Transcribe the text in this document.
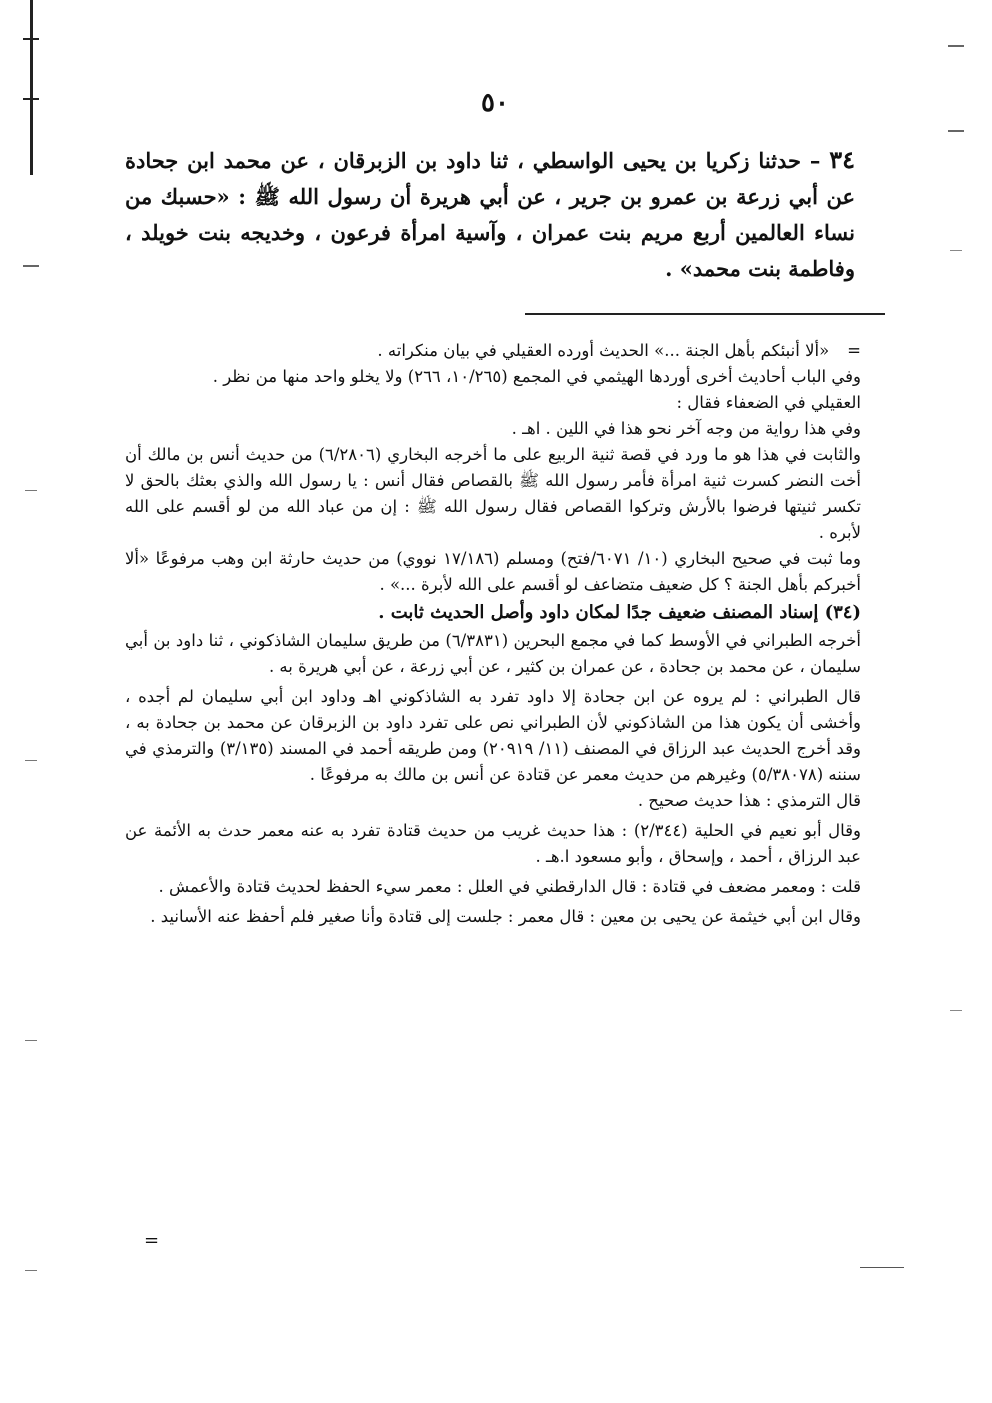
٥٠
٣٤ – حدثنا زكريا بن يحيى الواسطي ، ثنا داود بن الزبرقان ، عن محمد ابن جحادة عن أبي زرعة بن عمرو بن جرير ، عن أبي هريرة أن رسول الله ﷺ : «حسبك من نساء العالمين أربع مريم بنت عمران ، وآسية امرأة فرعون ، وخديجه بنت خويلد ، وفاطمة بنت محمد» .

=«ألا أنبئكم بأهل الجنة ...» الحديث أورده العقيلي في بيان منكراته .

وفي الباب أحاديث أخرى أوردها الهيثمي في المجمع (١٠/٢٦٥، ٢٦٦) ولا يخلو واحد منها من نظر .

العقيلي في الضعفاء فقال :

وفي هذا رواية من وجه آخر نحو هذا في اللين . اهـ .

والثابت في هذا هو ما ورد في قصة ثنية الربيع على ما أخرجه البخاري (٦/٢٨٠٦) من حديث أنس بن مالك أن أخت النضر كسرت ثنية امرأة فأمر رسول الله ﷺ بالقصاص فقال أنس : يا رسول الله والذي بعثك بالحق لا تكسر ثنيتها فرضوا بالأرش وتركوا القصاص فقال رسول الله ﷺ : إن من عباد الله من لو أقسم على الله لأبره .

وما ثبت في صحيح البخاري (١٠/ ٦٠٧١/فتح) ومسلم (١٧/١٨٦ نووي) من حديث حارثة ابن وهب مرفوعًا «ألا أخبركم بأهل الجنة ؟ كل ضعيف متضاعف لو أقسم على الله لأبرة ...» .

(٣٤) إسناد المصنف ضعيف جدًا لمكان داود وأصل الحديث ثابت .

أخرجه الطبراني في الأوسط كما في مجمع البحرين (٦/٣٨٣١) من طريق سليمان الشاذكوني ، ثنا داود بن أبي سليمان ، عن محمد بن جحادة ، عن عمران بن كثير ، عن أبي زرعة ، عن أبي هريرة به .

قال الطبراني : لم يروه عن ابن جحادة إلا داود تفرد به الشاذكوني اهـ وداود ابن أبي سليمان لم أجده ، وأخشى أن يكون هذا من الشاذكوني لأن الطبراني نص على تفرد داود بن الزبرقان عن محمد بن جحادة به ، وقد أخرج الحديث عبد الرزاق في المصنف (١١/ ٢٠٩١٩) ومن طريقه أحمد في المسند (٣/١٣٥) والترمذي في سننه (٥/٣٨٠٧٨) وغيرهم من حديث معمر عن قتادة عن أنس بن مالك به مرفوعًا .

قال الترمذي : هذا حديث صحيح .

وقال أبو نعيم في الحلية (٢/٣٤٤) : هذا حديث غريب من حديث قتادة تفرد به عنه معمر حدث به الأئمة عن عبد الرزاق ، أحمد ، وإسحاق ، وأبو مسعود ا.هـ .

قلت : ومعمر مضعف في قتادة : قال الدارقطني في العلل : معمر سيء الحفظ لحديث قتادة والأعمش .

وقال ابن أبي خيثمة عن يحيى بن معين : قال معمر : جلست إلى قتادة وأنا صغير فلم أحفظ عنه الأسانيد .

=
